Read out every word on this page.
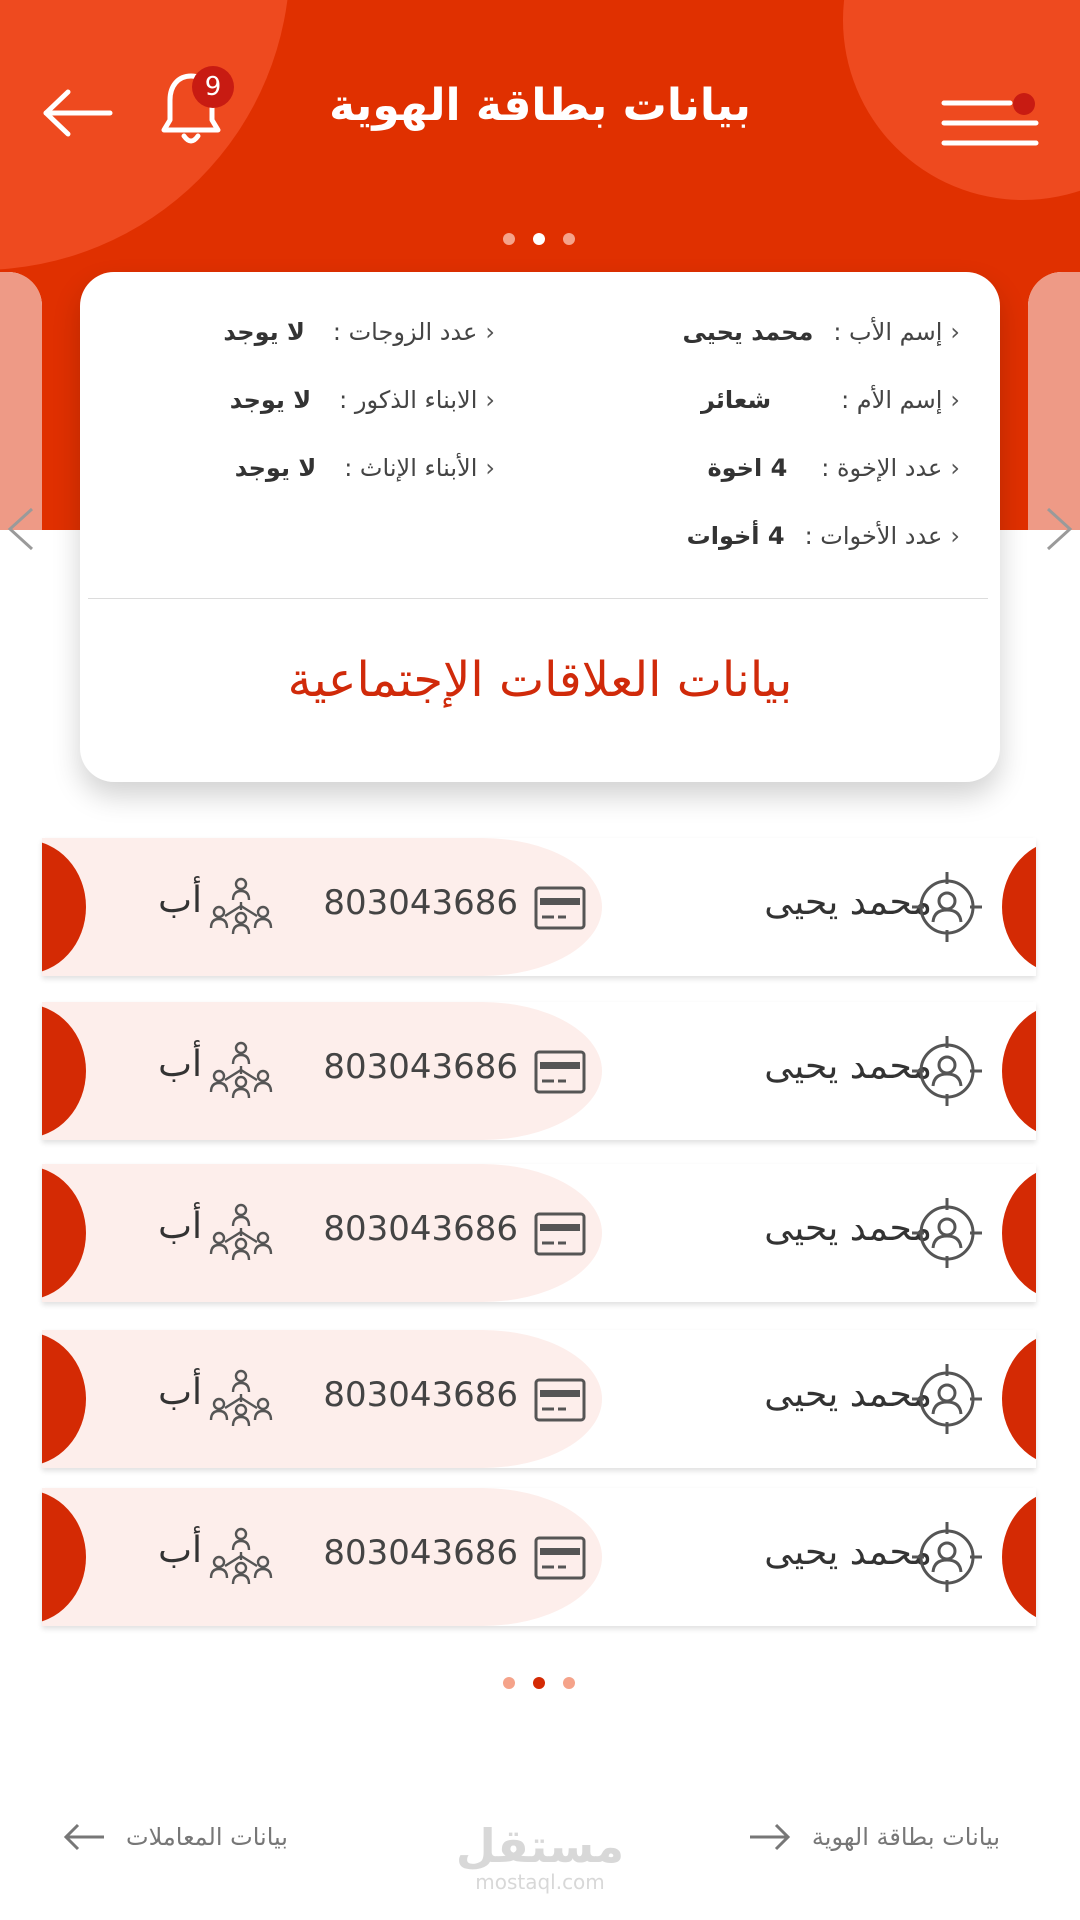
بيانات بطاقة الهوية
9
‹
إسم الأب :
محمد يحيى
‹
إسم الأم :
شعائر
‹
عدد الإخوة :
4 اخوة
‹
عدد الأخوات :
4 أخوات
‹
عدد الزوجات :
لا يوجد
‹
الابناء الذكور :
لا يوجد
‹
الأبناء الإناث :
لا يوجد
بيانات العلاقات الإجتماعية
محمد يحيى
803043686
أب
محمد يحيى
803043686
أب
محمد يحيى
803043686
أب
محمد يحيى
803043686
أب
محمد يحيى
803043686
أب
بيانات بطاقة الهوية
مستقل
mostaql.com
بيانات المعاملات
